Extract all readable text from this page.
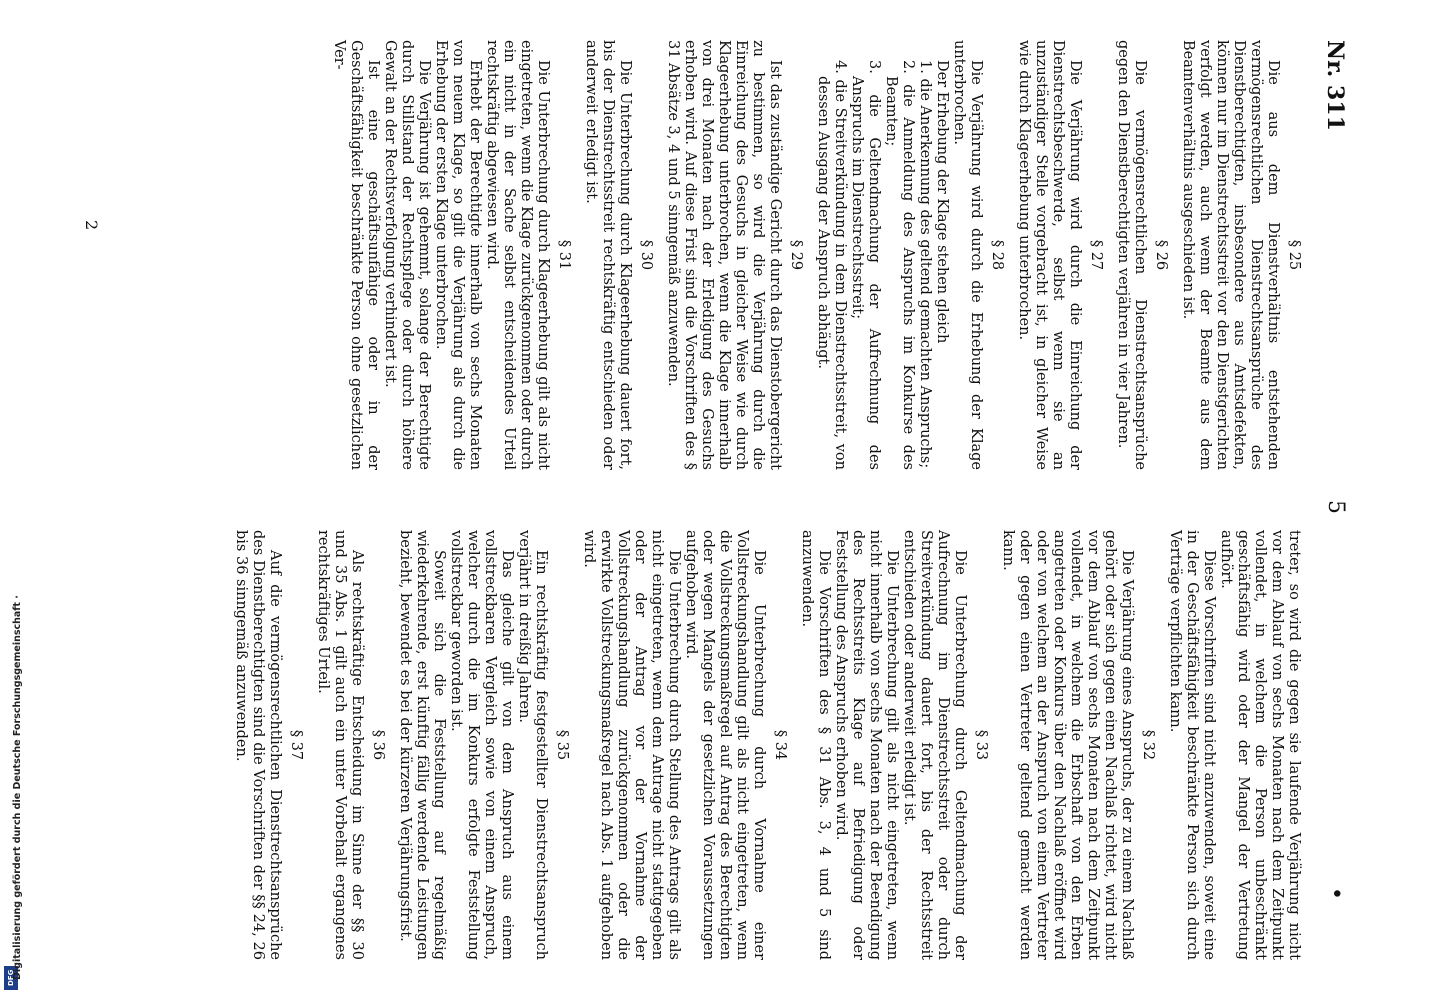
DFG
Digitalisierung gefördert durch die Deutsche Forschungsgemeinschaft ·
Nr. 311
5
•
§ 25

Die aus dem Dienstverhältnis entstehenden vermögensrechtlichen Dienstrechtsansprüche des Dienstberechtigten, insbesondere aus Amtsdefekten, können nur im Dienstrechtsstreit vor den Dienstgerichten verfolgt werden, auch wenn der Beamte aus dem Beamtenverhältnis ausgeschieden ist.

§ 26

Die vermögensrechtlichen Dienstrechtsansprüche gegen den Dienstberechtigten verjähren in vier Jahren.

§ 27

Die Verjährung wird durch die Einreichung der Dienstrechtsbeschwerde, selbst wenn sie an unzuständiger Stelle vorgebracht ist, in gleicher Weise wie durch Klageerhebung unterbrochen.

§ 28

Die Verjährung wird durch die Erhebung der Klage unterbrochen.

Der Erhebung der Klage stehen gleich

1. die Anerkennung des geltend gemachten Anspruchs;
2. die Anmeldung des Anspruchs im Konkurse des Beamten;
3. die Geltendmachung der Aufrechnung des Anspruchs im Dienstrechtsstreit;
4. die Streitverkündung in dem Dienstrechtsstreit, von dessen Ausgang der Anspruch abhängt.
§ 29

Ist das zuständige Gericht durch das Dienstobergericht zu bestimmen, so wird die Verjährung durch die Einreichung des Gesuchs in gleicher Weise wie durch Klageerhebung unterbrochen, wenn die Klage innerhalb von drei Monaten nach der Erledigung des Gesuchs erhoben wird. Auf diese Frist sind die Vorschriften des § 31 Absätze 3, 4 und 5 sinngemäß anzuwenden.

§ 30

Die Unterbrechung durch Klageerhebung dauert fort, bis der Dienstrechtsstreit rechtskräftig entschieden oder anderweit erledigt ist.

§ 31

Die Unterbrechung durch Klageerhebung gilt als nicht eingetreten, wenn die Klage zurückgenommen oder durch ein nicht in der Sache selbst entscheidendes Urteil rechtskräftig abgewiesen wird.

Erhebt der Berechtigte innerhalb von sechs Monaten von neuem Klage, so gilt die Verjährung als durch die Erhebung der ersten Klage unterbrochen.

Die Verjährung ist gehemmt, solange der Berechtigte durch Stillstand der Rechtspflege oder durch höhere Gewalt an der Rechtsverfolgung verhindert ist.

Ist eine geschäftsunfähige oder in der Geschäftsfähigkeit beschränkte Person ohne gesetzlichen Ver-

treter, so wird die gegen sie laufende Verjährung nicht vor dem Ablauf von sechs Monaten nach dem Zeitpunkt vollendet, in welchem die Person unbeschränkt geschäftsfähig wird oder der Mangel der Vertretung aufhört.

Diese Vorschriften sind nicht anzuwenden, soweit eine in der Geschäftsfähigkeit beschränkte Person sich durch Verträge verpflichten kann.

§ 32

Die Verjährung eines Anspruchs, der zu einem Nachlaß gehört oder sich gegen einen Nachlaß richtet, wird nicht vor dem Ablauf von sechs Monaten nach dem Zeitpunkt vollendet, in welchem die Erbschaft von den Erben angetreten oder Konkurs über den Nachlaß eröffnet wird oder von welchem an der Anspruch von einem Vertreter oder gegen einen Vertreter geltend gemacht werden kann.

§ 33

Die Unterbrechung durch Geltendmachung der Aufrechnung im Dienstrechtsstreit oder durch Streitverkündung dauert fort, bis der Rechtsstreit entschieden oder anderweit erledigt ist.

Die Unterbrechung gilt als nicht eingetreten, wenn nicht innerhalb von sechs Monaten nach der Beendigung des Rechtsstreits Klage auf Befriedigung oder Feststellung des Anspruchs erhoben wird.

Die Vorschriften des § 31 Abs. 3, 4 und 5 sind anzuwenden.

§ 34

Die Unterbrechung durch Vornahme einer Vollstreckungshandlung gilt als nicht eingetreten, wenn die Vollstreckungsmaßregel auf Antrag des Berechtigten oder wegen Mangels der gesetzlichen Voraussetzungen aufgehoben wird.

Die Unterbrechung durch Stellung des Antrags gilt als nicht eingetreten, wenn dem Antrage nicht stattgegeben oder der Antrag vor der Vornahme der Vollstreckungshandlung zurückgenommen oder die erwirkte Vollstreckungsmaßregel nach Abs. 1 aufgehoben wird.

§ 35

Ein rechtskräftig festgestellter Dienstrechtsanspruch verjährt in dreißig Jahren.

Das gleiche gilt von dem Anspruch aus einem vollstreckbaren Vergleich sowie von einem Anspruch, welcher durch die im Konkurs erfolgte Feststellung vollstreckbar geworden ist.

Soweit sich die Feststellung auf regelmäßig wiederkehrende, erst künftig fällig werdende Leistungen bezieht, bewendet es bei der kürzeren Verjährungsfrist.

§ 36

Als rechtskräftige Entscheidung im Sinne der §§ 30 und 35 Abs. 1 gilt auch ein unter Vorbehalt ergangenes rechtskräftiges Urteil.

§ 37

Auf die vermögensrechtlichen Dienstrechtsansprüche des Dienstberechtigten sind die Vorschriften der §§ 24, 26 bis 36 sinngemäß anzuwenden.

2
